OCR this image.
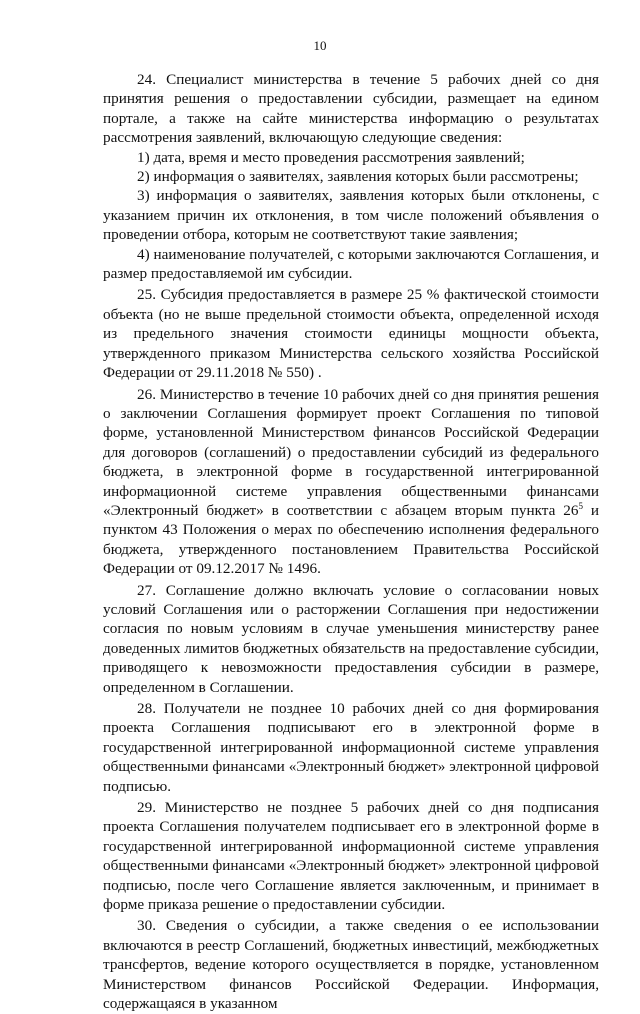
10

24. Специалист министерства в течение 5 рабочих дней со дня принятия решения о предоставлении субсидии, размещает на едином портале, а также на сайте министерства информацию о результатах рассмотрения заявлений, включающую следующие сведения:

1) дата, время и место проведения рассмотрения заявлений;

2) информация о заявителях, заявления которых были рассмотрены;

3) информация о заявителях, заявления которых были отклонены, с указанием причин их отклонения, в том числе положений объявления о проведении отбора, которым не соответствуют такие заявления;

4) наименование получателей, с которыми заключаются Соглашения, и размер предоставляемой им субсидии.

25. Субсидия предоставляется в размере 25 % фактической стоимости объекта (но не выше предельной стоимости объекта, определенной исходя из предельного значения стоимости единицы мощности объекта, утвержденного приказом Министерства сельского хозяйства Российской Федерации от 29.11.2018 № 550) .

26. Министерство в течение 10 рабочих дней со дня принятия решения о заключении Соглашения формирует проект Соглашения по типовой форме, установленной Министерством финансов Российской Федерации для договоров (соглашений) о предоставлении субсидий из федерального бюджета, в электронной форме в государственной интегрированной информационной системе управления общественными финансами «Электронный бюджет» в соответствии с абзацем вторым пункта $26^5$ и пунктом 43 Положения о мерах по обеспечению исполнения федерального бюджета, утвержденного постановлением Правительства Российской Федерации от 09.12.2017 № 1496.

27. Соглашение должно включать условие о согласовании новых условий Соглашения или о расторжении Соглашения при недостижении согласия по новым условиям в случае уменьшения министерству ранее доведенных лимитов бюджетных обязательств на предоставление субсидии, приводящего к невозможности предоставления субсидии в размере, определенном в Соглашении.

28. Получатели не позднее 10 рабочих дней со дня формирования проекта Соглашения подписывают его в электронной форме в государственной интегрированной информационной системе управления общественными финансами «Электронный бюджет» электронной цифровой подписью.

29. Министерство не позднее 5 рабочих дней со дня подписания проекта Соглашения получателем подписывает его в электронной форме в государственной интегрированной информационной системе управления общественными финансами «Электронный бюджет» электронной цифровой подписью, после чего Соглашение является заключенным, и принимает в форме приказа решение о предоставлении субсидии.

30. Сведения о субсидии, а также сведения о ее использовании включаются в реестр Соглашений, бюджетных инвестиций, межбюджетных трансфертов, ведение которого осуществляется в порядке, установленном Министерством финансов Российской Федерации. Информация, содержащаяся в указанном
